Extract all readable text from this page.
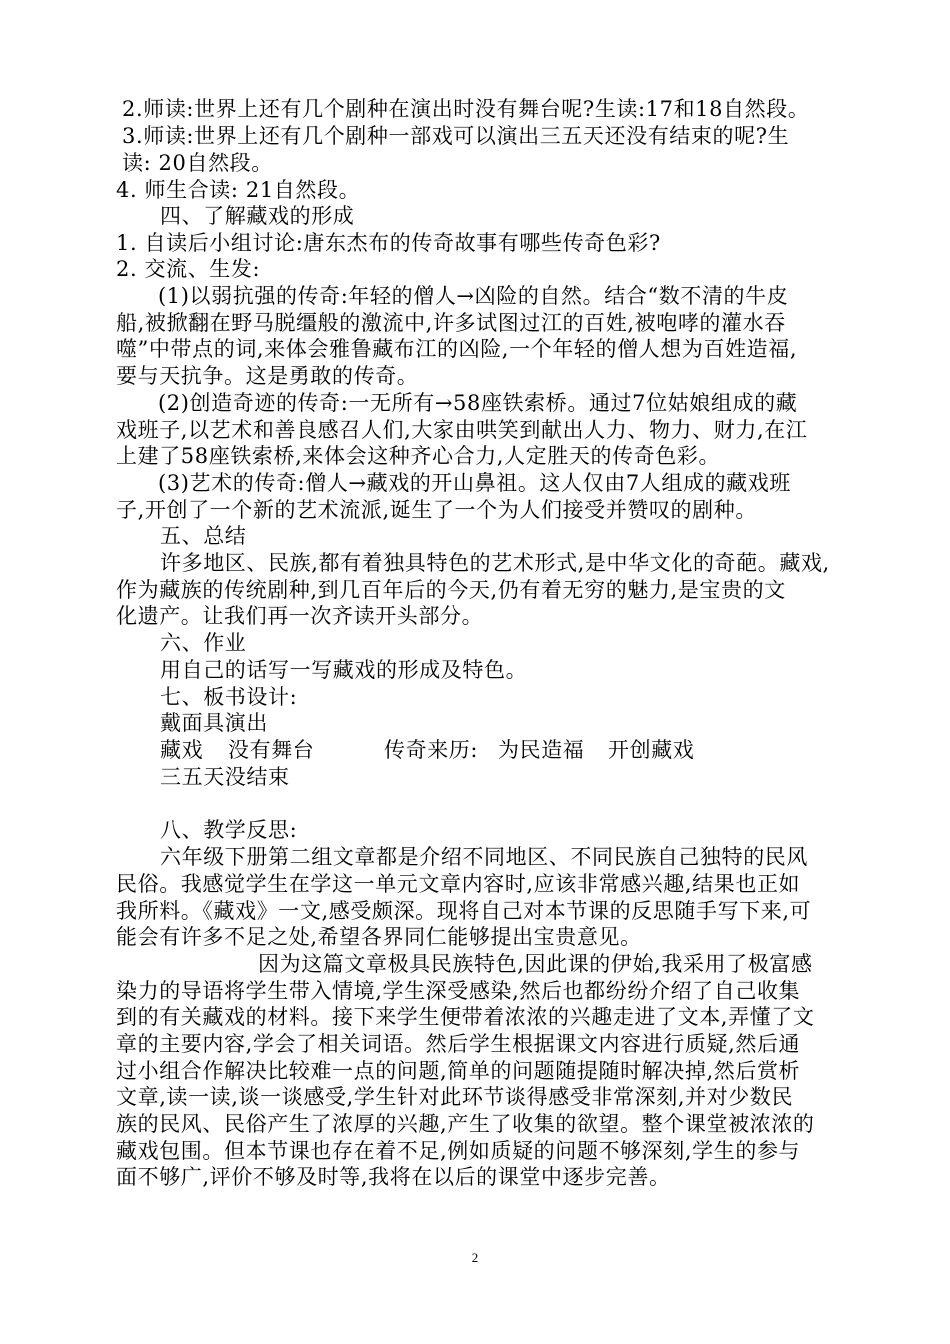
2.师读:世界上还有几个剧种在演出时没有舞台呢?生读:17和18自然段。
3.师读:世界上还有几个剧种一部戏可以演出三五天还没有结束的呢?生
读: 20自然段。
4. 师生合读: 21自然段。
四、了解藏戏的形成
1. 自读后小组讨论:唐东杰布的传奇故事有哪些传奇色彩?
2. 交流、生发:
(1)以弱抗强的传奇:年轻的僧人→凶险的自然。结合“数不清的牛皮
船,被掀翻在野马脱缰般的激流中,许多试图过江的百姓,被咆哮的灌水吞
噬”中带点的词,来体会雅鲁藏布江的凶险,一个年轻的僧人想为百姓造福,
要与天抗争。这是勇敢的传奇。
(2)创造奇迹的传奇:一无所有→58座铁索桥。通过7位姑娘组成的藏
戏班子,以艺术和善良感召人们,大家由哄笑到献出人力、物力、财力,在江
上建了58座铁索桥,来体会这种齐心合力,人定胜天的传奇色彩。
(3)艺术的传奇:僧人→藏戏的开山鼻祖。这人仅由7人组成的藏戏班
子,开创了一个新的艺术流派,诞生了一个为人们接受并赞叹的剧种。
五、总结
许多地区、民族,都有着独具特色的艺术形式,是中华文化的奇葩。藏戏,
作为藏族的传统剧种,到几百年后的今天,仍有着无穷的魅力,是宝贵的文
化遗产。让我们再一次齐读开头部分。
六、作业
用自己的话写一写藏戏的形成及特色。
七、板书设计:
戴面具演出
藏戏 没有舞台	传奇来历: 为民造福 开创藏戏
三五天没结束
八、教学反思:
六年级下册第二组文章都是介绍不同地区、不同民族自己独特的民风
民俗。我感觉学生在学这一单元文章内容时,应该非常感兴趣,结果也正如
我所料。《藏戏》一文,感受颇深。现将自己对本节课的反思随手写下来,可
能会有许多不足之处,希望各界同仁能够提出宝贵意见。
因为这篇文章极具民族特色,因此课的伊始,我采用了极富感
染力的导语将学生带入情境,学生深受感染,然后也都纷纷介绍了自己收集
到的有关藏戏的材料。接下来学生便带着浓浓的兴趣走进了文本,弄懂了文
章的主要内容,学会了相关词语。然后学生根据课文内容进行质疑,然后通
过小组合作解决比较难一点的问题,简单的问题随提随时解决掉,然后赏析
文章,读一读,谈一谈感受,学生针对此环节谈得感受非常深刻,并对少数民
族的民风、民俗产生了浓厚的兴趣,产生了收集的欲望。整个课堂被浓浓的
藏戏包围。但本节课也存在着不足,例如质疑的问题不够深刻,学生的参与
面不够广,评价不够及时等,我将在以后的课堂中逐步完善。
2
